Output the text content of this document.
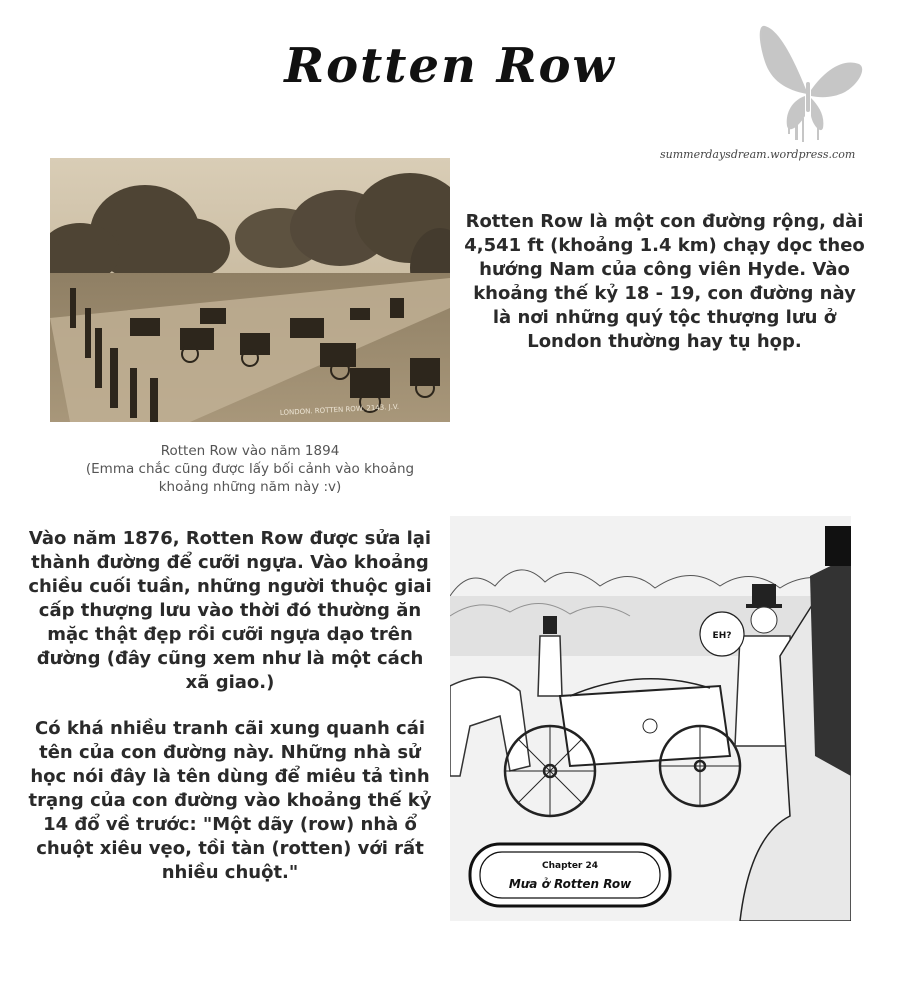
Rotten Row
summerdaysdream.wordpress.com
LONDON. ROTTEN ROW. 2143. J.V.
Rotten Row vào năm 1894
(Emma chắc cũng được lấy bối cảnh vào khoảng
khoảng những năm này :v)
Rotten Row là một con đường rộng, dài 4,541 ft (khoảng 1.4 km) chạy dọc theo hướng Nam của công viên Hyde. Vào khoảng thế kỷ 18 - 19, con đường này là nơi những quý tộc thượng lưu ở London thường hay tụ họp.
Vào năm 1876, Rotten Row được sửa lại thành đường để cưỡi ngựa. Vào khoảng chiều cuối tuần, những người thuộc giai cấp thượng lưu vào thời đó thường ăn mặc thật đẹp rồi cưỡi ngựa dạo trên đường (đây cũng xem như là một cách xã giao.)
Có khá nhiều tranh cãi xung quanh cái tên của con đường này. Những nhà sử học nói đây là tên dùng để miêu tả tình trạng của con đường vào khoảng thế kỷ 14 đổ về trước: "Một dãy (row) nhà ổ chuột xiêu vẹo, tồi tàn (rotten) với rất nhiều chuột."
EH?
Chapter 24
Mưa ở Rotten Row
